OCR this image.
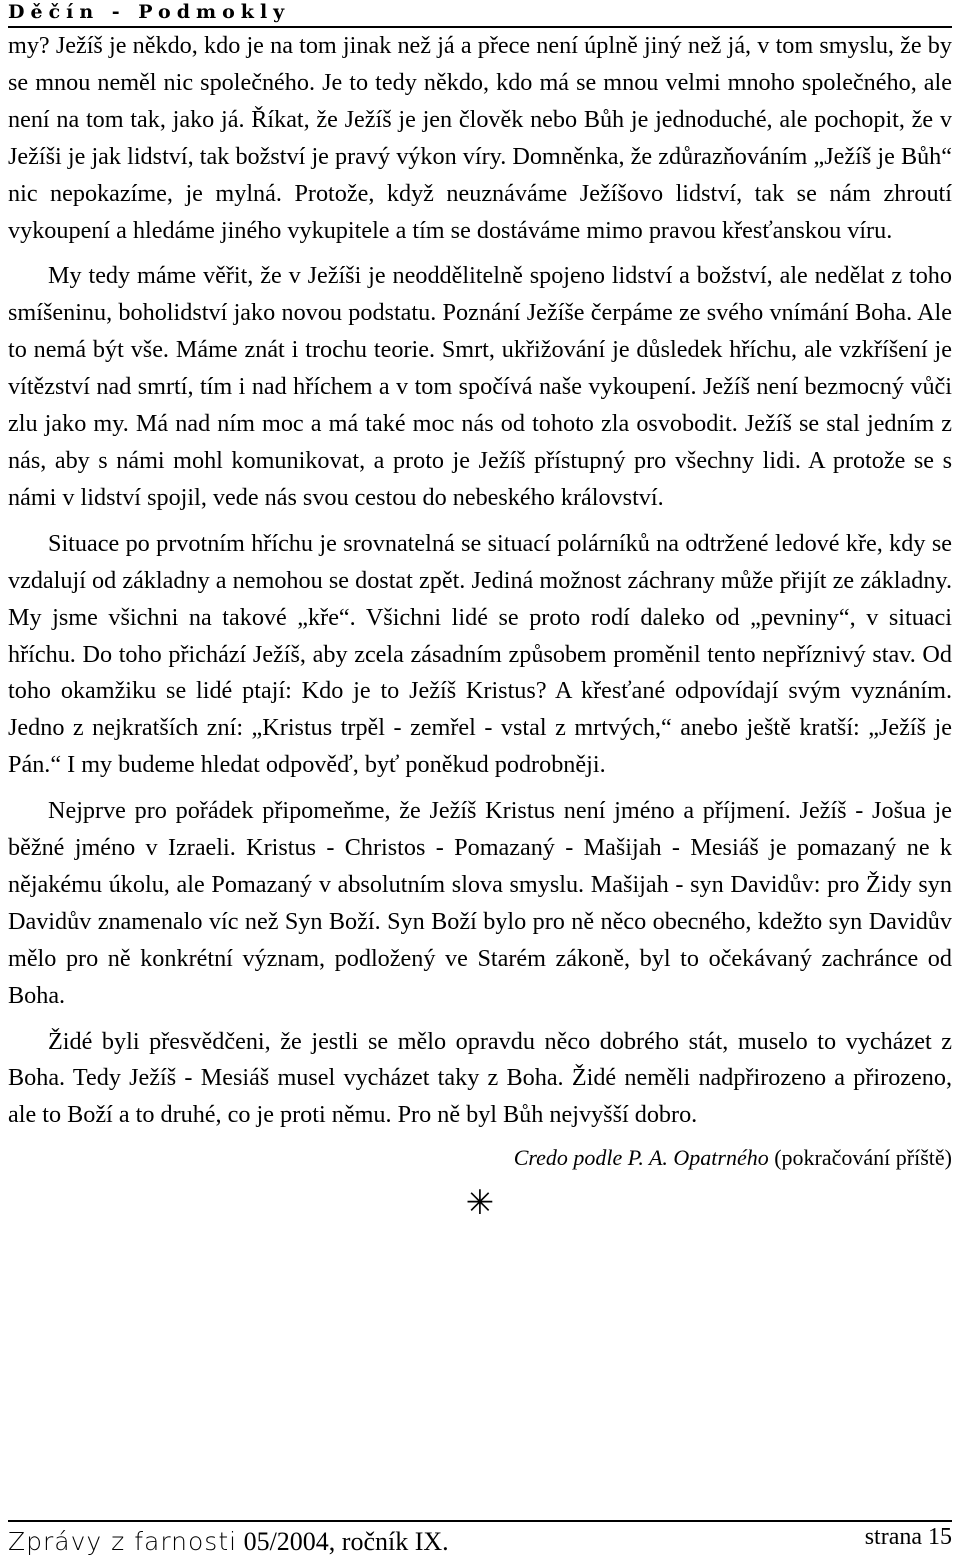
Děčín - Podmokly

my? Ježíš je někdo, kdo je na tom jinak než já a přece není úplně jiný než já, v tom smyslu, že by se mnou neměl nic společného. Je to tedy někdo, kdo má se mnou velmi mnoho společného, ale není na tom tak, jako já. Říkat, že Ježíš je jen člověk nebo Bůh je jednoduché, ale pochopit, že v Ježíši je jak lidství, tak božství je pravý výkon víry. Domněnka, že zdůrazňováním „Ježíš je Bůh“ nic nepokazíme, je mylná. Protože, když neuznáváme Ježíšovo lidství, tak se nám zhroutí vykoupení a hledáme jiného vykupitele a tím se dostáváme mimo pravou křesťanskou víru.

My tedy máme věřit, že v Ježíši je neoddělitelně spojeno lidství a božství, ale nedělat z toho smíšeninu, boholidství jako novou podstatu. Poznání Ježíše čerpáme ze svého vnímání Boha. Ale to nemá být vše. Máme znát i trochu teorie. Smrt, ukřižování je důsledek hříchu, ale vzkříšení je vítězství nad smrtí, tím i nad hříchem a v tom spočívá naše vykoupení. Ježíš není bezmocný vůči zlu jako my. Má nad ním moc a má také moc nás od tohoto zla osvobodit. Ježíš se stal jedním z nás, aby s námi mohl komunikovat, a proto je Ježíš přístupný pro všechny lidi. A protože se s námi v lidství spojil, vede nás svou cestou do nebeského království.

Situace po prvotním hříchu je srovnatelná se situací polárníků na odtržené ledové kře, kdy se vzdalují od základny a nemohou se dostat zpět. Jediná možnost záchrany může přijít ze základny. My jsme všichni na takové „kře“. Všichni lidé se proto rodí daleko od „pevniny“, v situaci hříchu. Do toho přichází Ježíš, aby zcela zásadním způsobem proměnil tento nepříznivý stav. Od toho okamžiku se lidé ptají: Kdo je to Ježíš Kristus? A křesťané odpovídají svým vyznáním. Jedno z nejkratších zní: „Kristus trpěl - zemřel - vstal z mrtvých,“ anebo ještě kratší: „Ježíš je Pán.“ I my budeme hledat odpověď, byť poněkud podrobněji.

Nejprve pro pořádek připomeňme, že Ježíš Kristus není jméno a příjmení. Ježíš - Jošua je běžné jméno v Izraeli. Kristus - Christos - Pomazaný - Mašijah - Mesiáš je pomazaný ne k nějakému úkolu, ale Pomazaný v absolutním slova smyslu. Mašijah - syn Davidův: pro Židy syn Davidův znamenalo víc než Syn Boží. Syn Boží bylo pro ně něco obecného, kdežto syn Davidův mělo pro ně konkrétní význam, podložený ve Starém zákoně, byl to očekávaný zachránce od Boha.

Židé byli přesvědčeni, že jestli se mělo opravdu něco dobrého stát, muselo to vycházet z Boha. Tedy Ježíš - Mesiáš musel vycházet taky z Boha. Židé neměli nadpřirozeno a přirozeno, ale to Boží a to druhé, co je proti němu. Pro ně byl Bůh nejvyšší dobro.

Credo podle P. A. Opatrného (pokračování příště)
✳
Zprávy z farnosti 05/2004, ročník IX.	strana 15
